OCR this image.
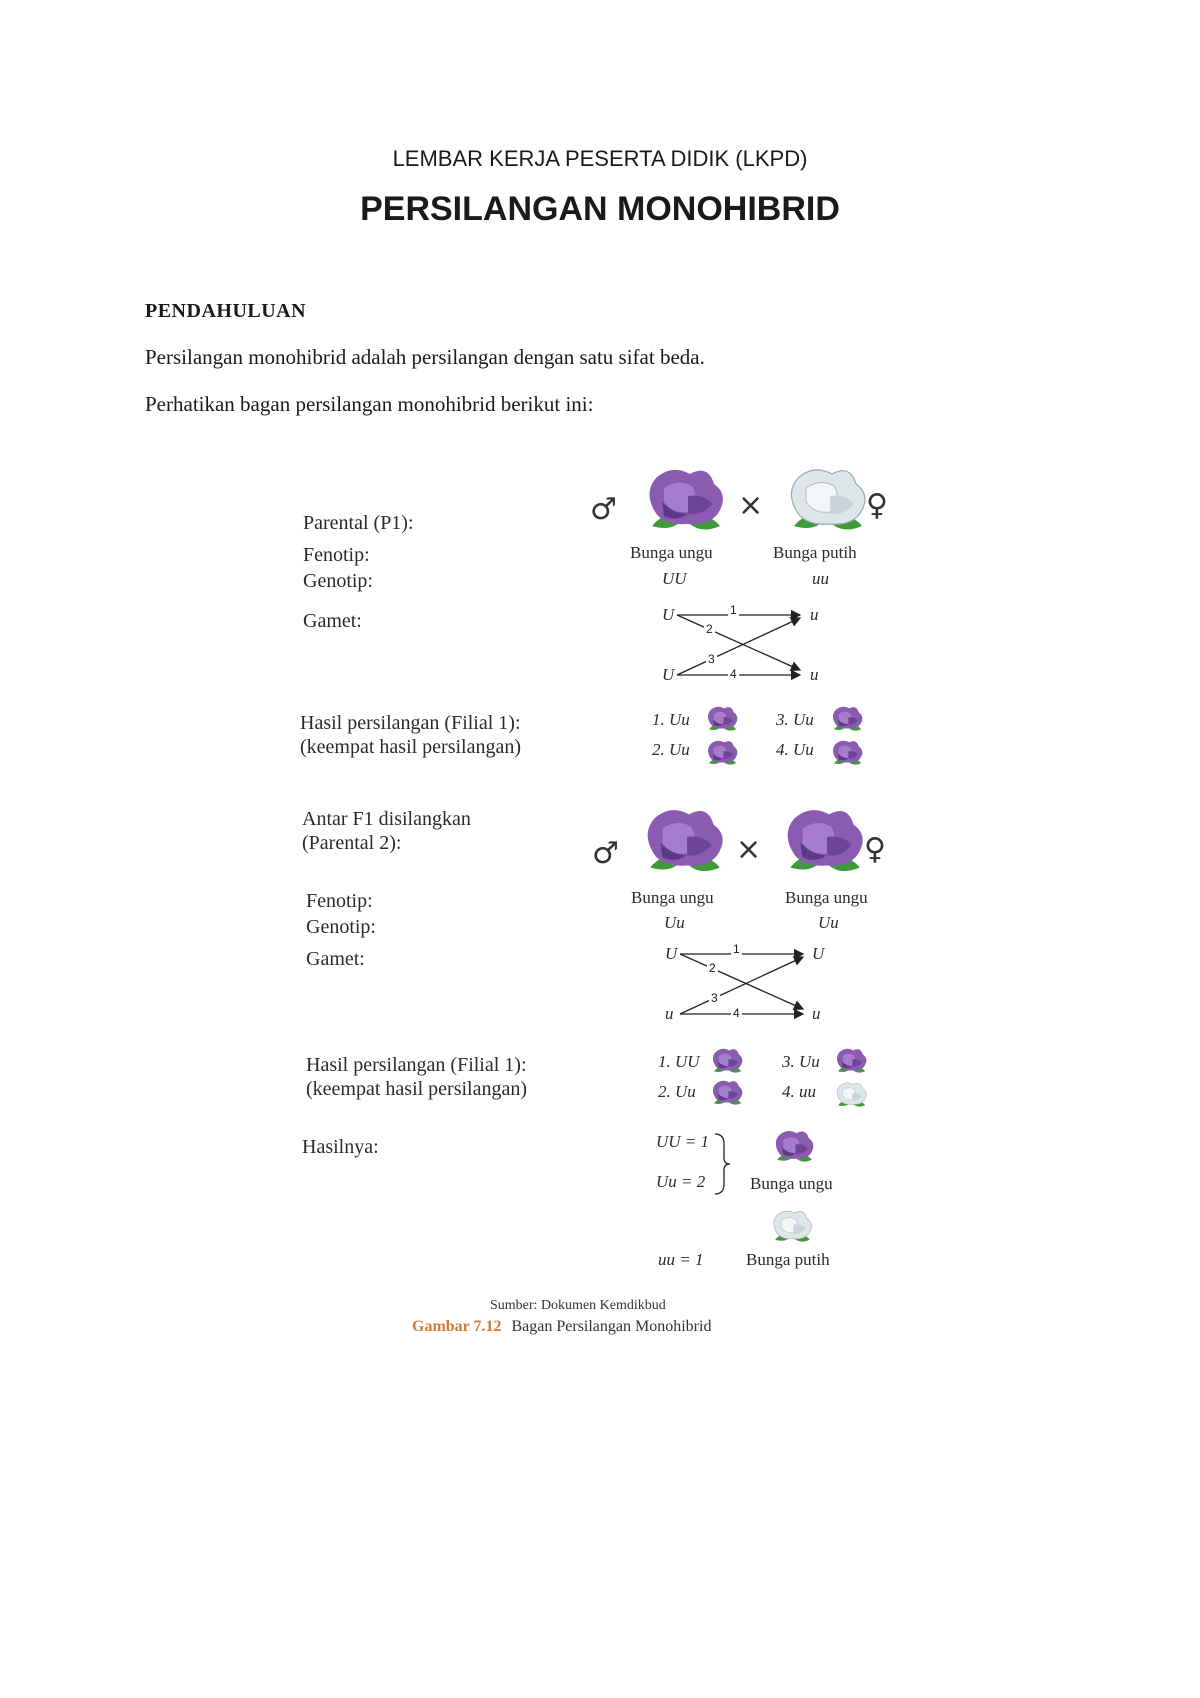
LEMBAR KERJA PESERTA DIDIK (LKPD)
PERSILANGAN MONOHIBRID
PENDAHULUAN
Persilangan monohibrid adalah persilangan dengan satu sifat beda.
Perhatikan bagan persilangan monohibrid berikut ini:
Parental (P1):
Fenotip:
Genotip:
Gamet:
♂	×	♀
Bunga ungu	Bunga putih
UU	uu
U
U
u
u
1
2
3
4
Hasil persilangan (Filial 1):
(keempat hasil persilangan)
1. Uu
2. Uu
3. Uu
4. Uu
Antar F1 disilangkan
(Parental 2):
Fenotip:
Genotip:
Gamet:
♂	×	♀
Bunga ungu	Bunga ungu
Uu	Uu
U
u
U
u
1
2
3
4
Hasil persilangan (Filial 1):
(keempat hasil persilangan)
1. UU
2. Uu
3. Uu
4. uu
Hasilnya:	UU = 1
Uu = 2	Bunga ungu
uu = 1	Bunga putih
Sumber: Dokumen Kemdikbud
Gambar 7.12 Bagan Persilangan Monohibrid
